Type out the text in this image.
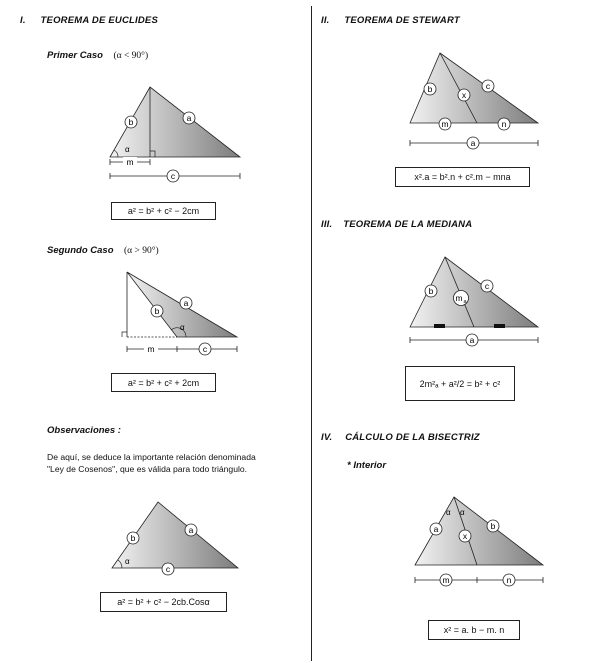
I. TEOREMA DE EUCLIDES
Primer Caso (α < 90°)
α
b	a
m
c
a² = b² + c² − 2cm
Segundo Caso (α > 90°)
α
b
a
m	c
a² = b² + c² + 2cm
Observaciones :
De aquí, se deduce la importante relación denominada
"Ley de Cosenos", que es válida para todo triángulo.
α
b
a
c
a² = b² + c² − 2cb.Cosα
II. TEOREMA DE STEWART
b
x
c
m	n
a
x².a = b².n + c².m − mna
III. TEOREMA DE LA MEDIANA
b
m a
c
a
2m²ₐ + a²/2 = b² + c²
IV. CÁLCULO DE LA BISECTRIZ
* Interior
α α
a
x
b
m	n
x² = a. b − m. n
